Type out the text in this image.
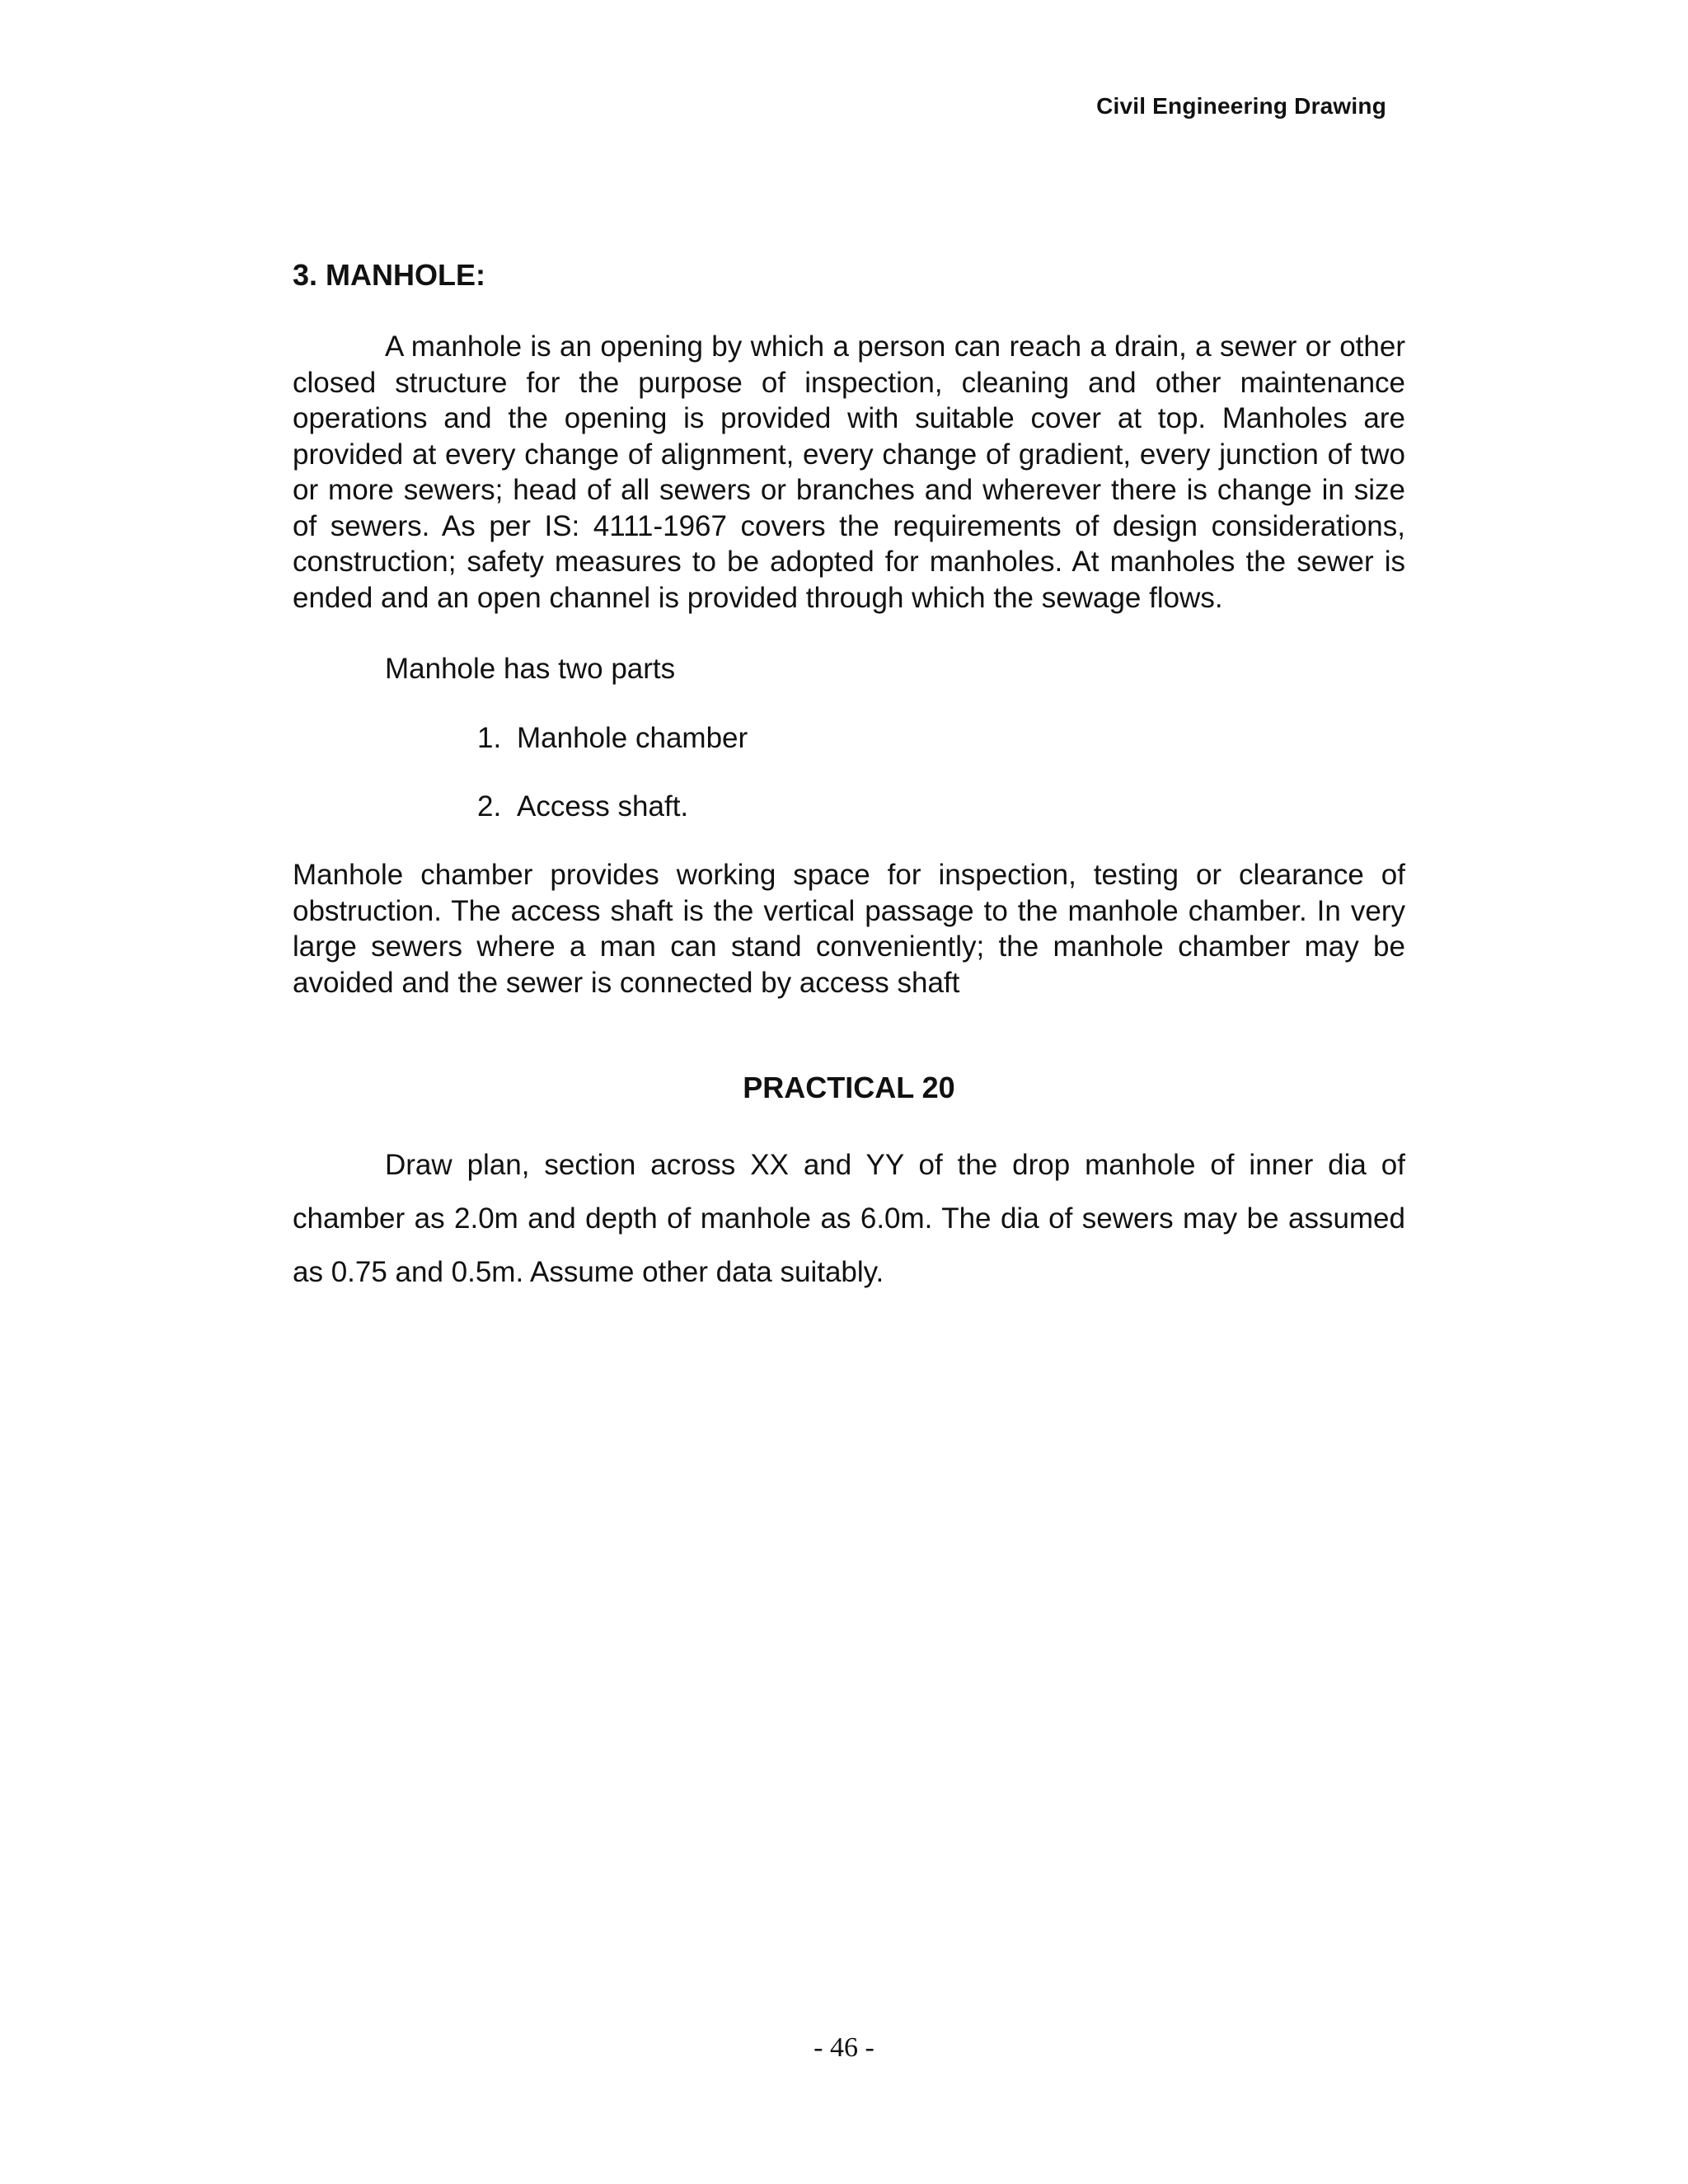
Civil Engineering Drawing
3. MANHOLE:

A manhole is an opening by which a person can reach a drain, a sewer or other closed structure for the purpose of inspection, cleaning and other maintenance operations and the opening is provided with suitable cover at top. Manholes are provided at every change of alignment, every change of gradient, every junction of two or more sewers; head of all sewers or branches and wherever there is change in size of sewers. As per IS: 4111-1967 covers the requirements of design considerations, construction; safety measures to be adopted for manholes. At manholes the sewer is ended and an open channel is provided through which the sewage flows.

Manhole has two parts

1. Manhole chamber
2. Access shaft.

Manhole chamber provides working space for inspection, testing or clearance of obstruction. The access shaft is the vertical passage to the manhole chamber. In very large sewers where a man can stand conveniently; the manhole chamber may be avoided and the sewer is connected by access shaft

PRACTICAL 20

Draw plan, section across XX and YY of the drop manhole of inner dia of chamber as 2.0m and depth of manhole as 6.0m. The dia of sewers may be assumed as 0.75 and 0.5m. Assume other data suitably.

- 46 -
